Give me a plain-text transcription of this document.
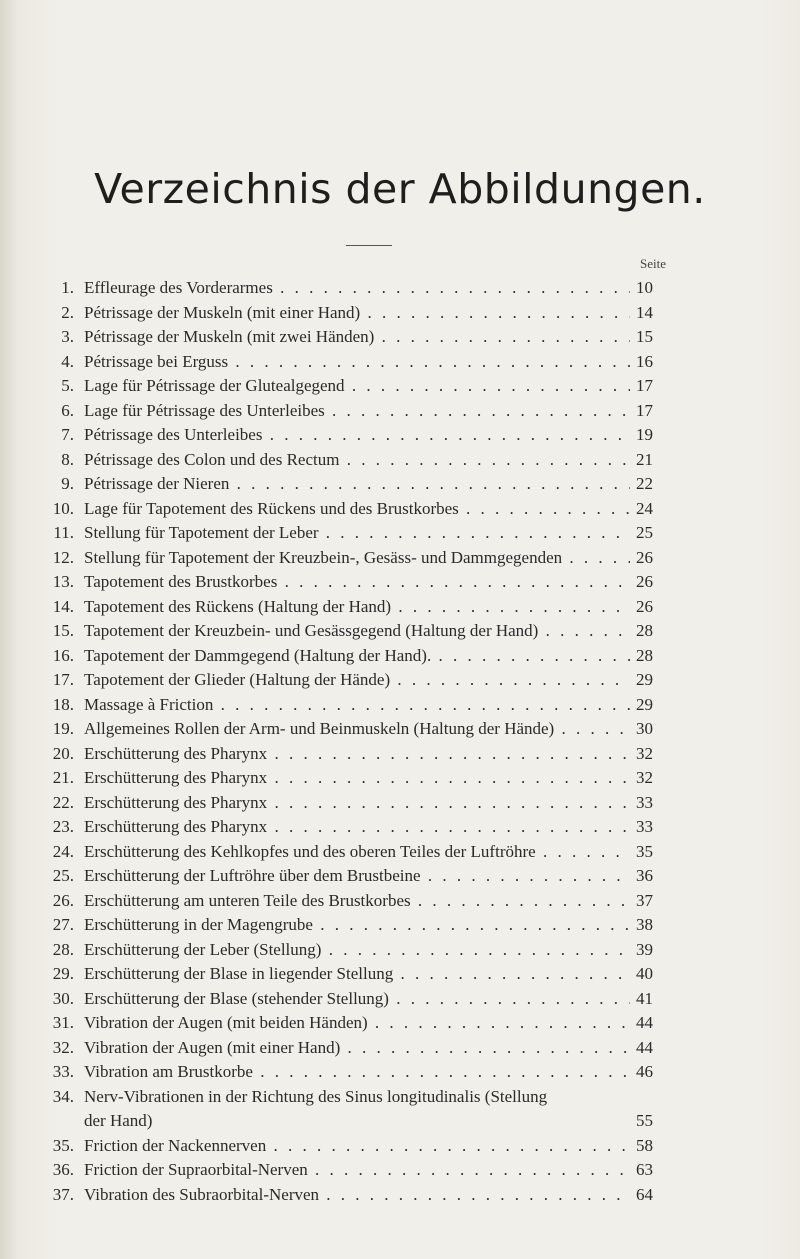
Verzeichnis der Abbildungen.
Seite
1. Effleurage des Vorderarmes . . .	10
2. Pétrissage der Muskeln (mit einer Hand) . . .	14
3. Pétrissage der Muskeln (mit zwei Händen) . . .	15
4. Pétrissage bei Erguss . . .	16
5. Lage für Pétrissage der Glutealgegend . . .	17
6. Lage für Pétrissage des Unterleibes . . .	17
7. Pétrissage des Unterleibes . . .	19
8. Pétrissage des Colon und des Rectum . . .	21
9. Pétrissage der Nieren . . .	22
10. Lage für Tapotement des Rückens und des Brustkorbes . . .	24
11. Stellung für Tapotement der Leber . . .	25
12. Stellung für Tapotement der Kreuzbein-, Gesäss- und Dammgegenden . . .	26
13. Tapotement des Brustkorbes . . .	26
14. Tapotement des Rückens (Haltung der Hand) . . .	26
15. Tapotement der Kreuzbein- und Gesässgegend (Haltung der Hand) . . .	28
16. Tapotement der Dammgegend (Haltung der Hand). . . .	28
17. Tapotement der Glieder (Haltung der Hände) . . .	29
18. Massage à Friction . . .	29
19. Allgemeines Rollen der Arm- und Beinmuskeln (Haltung der Hände) . . .	30
20. Erschütterung des Pharynx . . .	32
21. Erschütterung des Pharynx . . .	32
22. Erschütterung des Pharynx . . .	33
23. Erschütterung des Pharynx . . .	33
24. Erschütterung des Kehlkopfes und des oberen Teiles der Luftröhre . . .	35
25. Erschütterung der Luftröhre über dem Brustbeine . . .	36
26. Erschütterung am unteren Teile des Brustkorbes . . .	37
27. Erschütterung in der Magengrube . . .	38
28. Erschütterung der Leber (Stellung) . . .	39
29. Erschütterung der Blase in liegender Stellung . . .	40
30. Erschütterung der Blase (stehender Stellung) . . .	41
31. Vibration der Augen (mit beiden Händen) . . .	44
32. Vibration der Augen (mit einer Hand) . . .	44
33. Vibration am Brustkorbe . . .	46
34. Nerv-Vibrationen in der Richtung des Sinus longitudinalis (Stellung
der Hand)	55
35. Friction der Nackennerven . . .	58
36. Friction der Supraorbital-Nerven . . .	63
37. Vibration des Subraorbital-Nerven . . .	64
